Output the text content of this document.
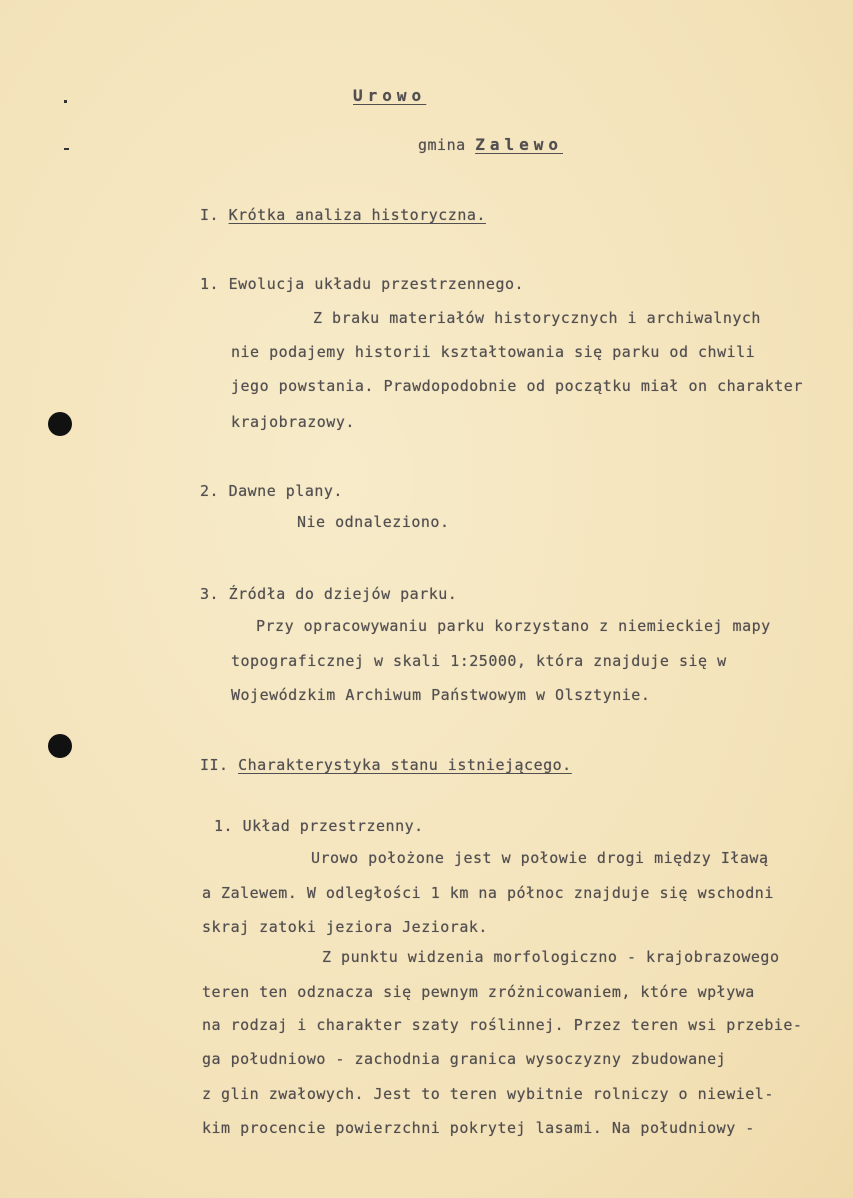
Urowo
gmina Zalewo
I. Krótka analiza historyczna.
1. Ewolucja układu przestrzennego.
Z braku materiałów historycznych i archiwalnych
nie podajemy historii kształtowania się parku od chwili
jego powstania. Prawdopodobnie od początku miał on charakter
krajobrazowy.
2. Dawne plany.
Nie odnaleziono.
3. Źródła do dziejów parku.
Przy opracowywaniu parku korzystano z niemieckiej mapy
topograficznej w skali 1:25000, która znajduje się w
Wojewódzkim Archiwum Państwowym w Olsztynie.
II. Charakterystyka stanu istniejącego.
1. Układ przestrzenny.
Urowo położone jest w połowie drogi między Iławą
a Zalewem. W odległości 1 km na północ znajduje się wschodni
skraj zatoki jeziora Jeziorak.
Z punktu widzenia morfologiczno - krajobrazowego
teren ten odznacza się pewnym zróżnicowaniem, które wpływa
na rodzaj i charakter szaty roślinnej. Przez teren wsi przebie-
ga południowo - zachodnia granica wysoczyzny zbudowanej
z glin zwałowych. Jest to teren wybitnie rolniczy o niewiel-
kim procencie powierzchni pokrytej lasami. Na południowy -
